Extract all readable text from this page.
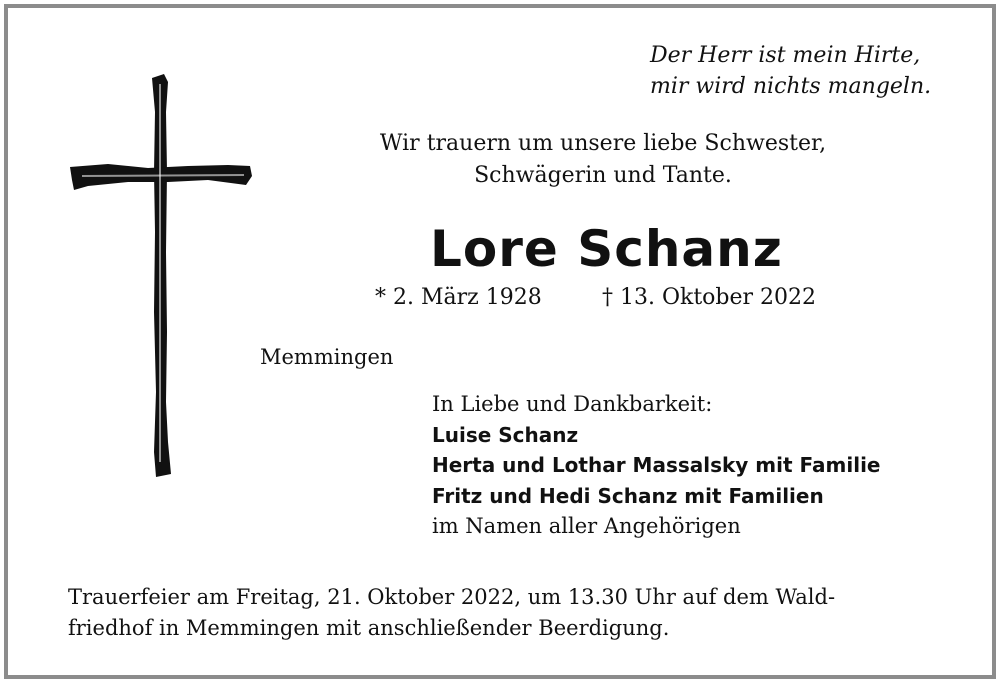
Der Herr ist mein Hirte,
mir wird nichts mangeln.
Wir trauern um unsere liebe Schwester,
Schwägerin und Tante.
Lore Schanz
* 2. März 1928	† 13. Oktober 2022
Memmingen
In Liebe und Dankbarkeit:
Luise Schanz
Herta und Lothar Massalsky mit Familie
Fritz und Hedi Schanz mit Familien
im Namen aller Angehörigen
Trauerfeier am Freitag, 21. Oktober 2022, um 13.30 Uhr auf dem Wald-
friedhof in Memmingen mit anschließender Beerdigung.
